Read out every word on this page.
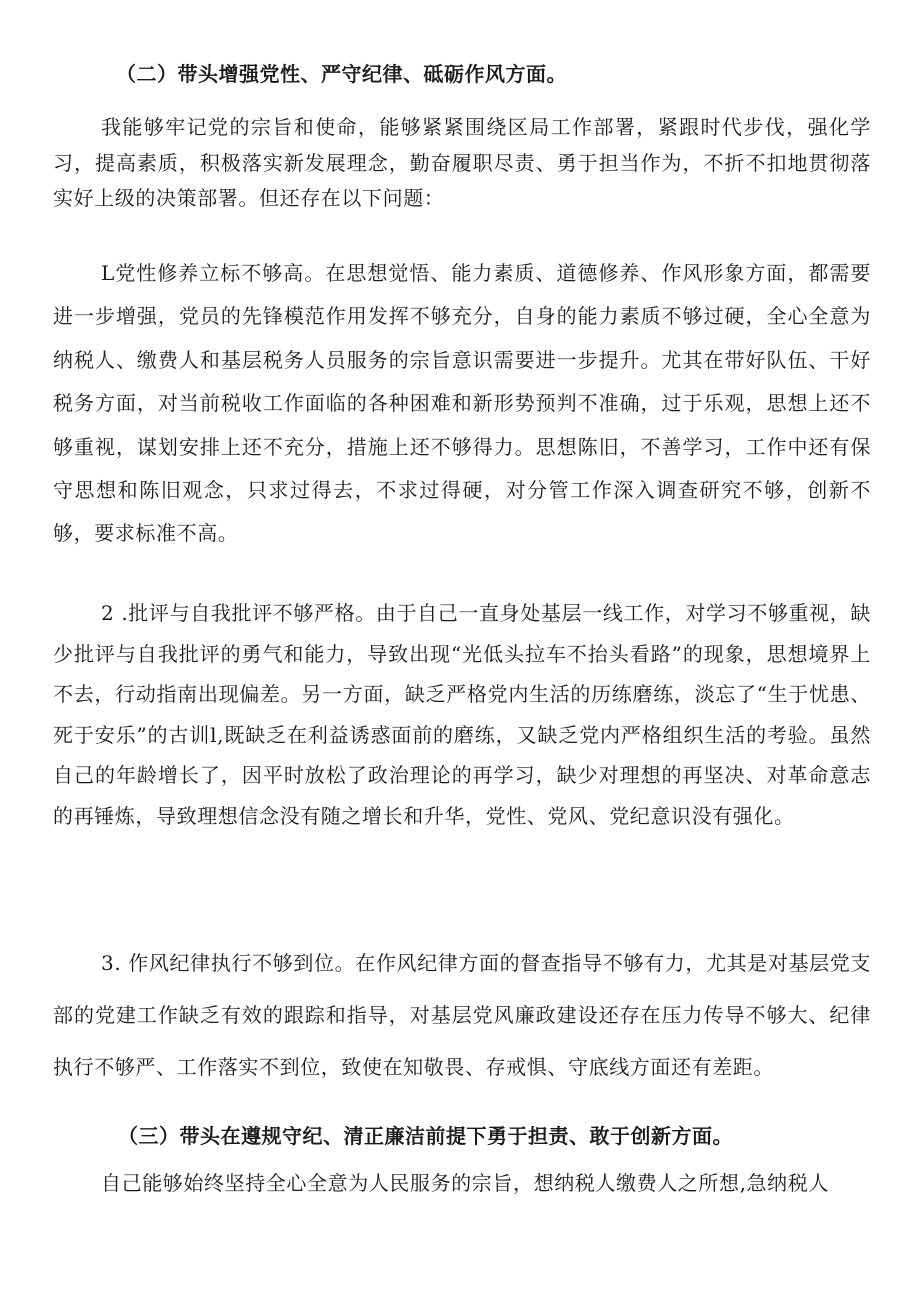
（二）带头增强党性、严守纪律、砥砺作风方面。

我能够牢记党的宗旨和使命，能够紧紧围绕区局工作部署，紧跟时代步伐，强化学习，提高素质，积极落实新发展理念，勤奋履职尽责、勇于担当作为，不折不扣地贯彻落实好上级的决策部署。但还存在以下问题：

L党性修养立标不够高。在思想觉悟、能力素质、道德修养、作风形象方面，都需要进一步增强，党员的先锋模范作用发挥不够充分，自身的能力素质不够过硬，全心全意为纳税人、缴费人和基层税务人员服务的宗旨意识需要进一步提升。尤其在带好队伍、干好税务方面，对当前税收工作面临的各种困难和新形势预判不准确，过于乐观，思想上还不够重视，谋划安排上还不充分，措施上还不够得力。思想陈旧，不善学习，工作中还有保守思想和陈旧观念，只求过得去，不求过得硬，对分管工作深入调查研究不够，创新不够，要求标准不高。

2 .批评与自我批评不够严格。由于自己一直身处基层一线工作，对学习不够重视，缺少批评与自我批评的勇气和能力，导致出现“光低头拉车不抬头看路”的现象，思想境界上不去，行动指南出现偏差。另一方面，缺乏严格党内生活的历练磨练，淡忘了“生于忧患、死于安乐”的古训l,既缺乏在利益诱惑面前的磨练，又缺乏党内严格组织生活的考验。虽然自己的年龄增长了，因平时放松了政治理论的再学习，缺少对理想的再坚决、对革命意志的再锤炼，导致理想信念没有随之增长和升华，党性、党风、党纪意识没有强化。

3. 作风纪律执行不够到位。在作风纪律方面的督查指导不够有力，尤其是对基层党支部的党建工作缺乏有效的跟踪和指导，对基层党风廉政建设还存在压力传导不够大、纪律执行不够严、工作落实不到位，致使在知敬畏、存戒惧、守底线方面还有差距。

（三）带头在遵规守纪、清正廉洁前提下勇于担责、敢于创新方面。

自己能够始终坚持全心全意为人民服务的宗旨，想纳税人缴费人之所想,急纳税人
